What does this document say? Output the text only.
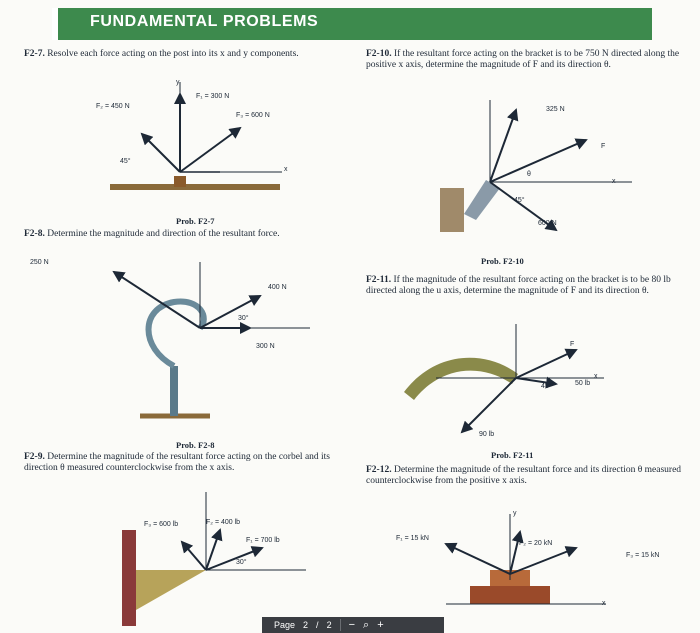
FUNDAMENTAL PROBLEMS
F2-7. Resolve each force acting on the post into its x and y components.
F₁ = 300 N
F₂ = 450 N
F₃ = 600 N
y
x
45°
Prob. F2-7
F2-8. Determine the magnitude and direction of the resultant force.
250 N
400 N
300 N
30°
Prob. F2-8
F2-9. Determine the magnitude of the resultant force acting on the corbel and its direction θ measured counterclockwise from the x axis.
F₃ = 600 lb	F₂ = 400 lb
F₁ = 700 lb
30°
F2-10. If the resultant force acting on the bracket is to be 750 N directed along the positive x axis, determine the magnitude of F and its direction θ.
325 N
F
600 N
45°
θ
x
Prob. F2-10
F2-11. If the magnitude of the resultant force acting on the bracket is to be 80 lb directed along the u axis, determine the magnitude of F and its direction θ.
90 lb
50 lb
F
45°
x
Prob. F2-11
F2-12. Determine the magnitude of the resultant force and its direction θ measured counterclockwise from the positive x axis.
F₁ = 15 kN
F₂ = 20 kN
F₃ = 15 kN
y
x
Page 2 / 2 − ⌕ +
